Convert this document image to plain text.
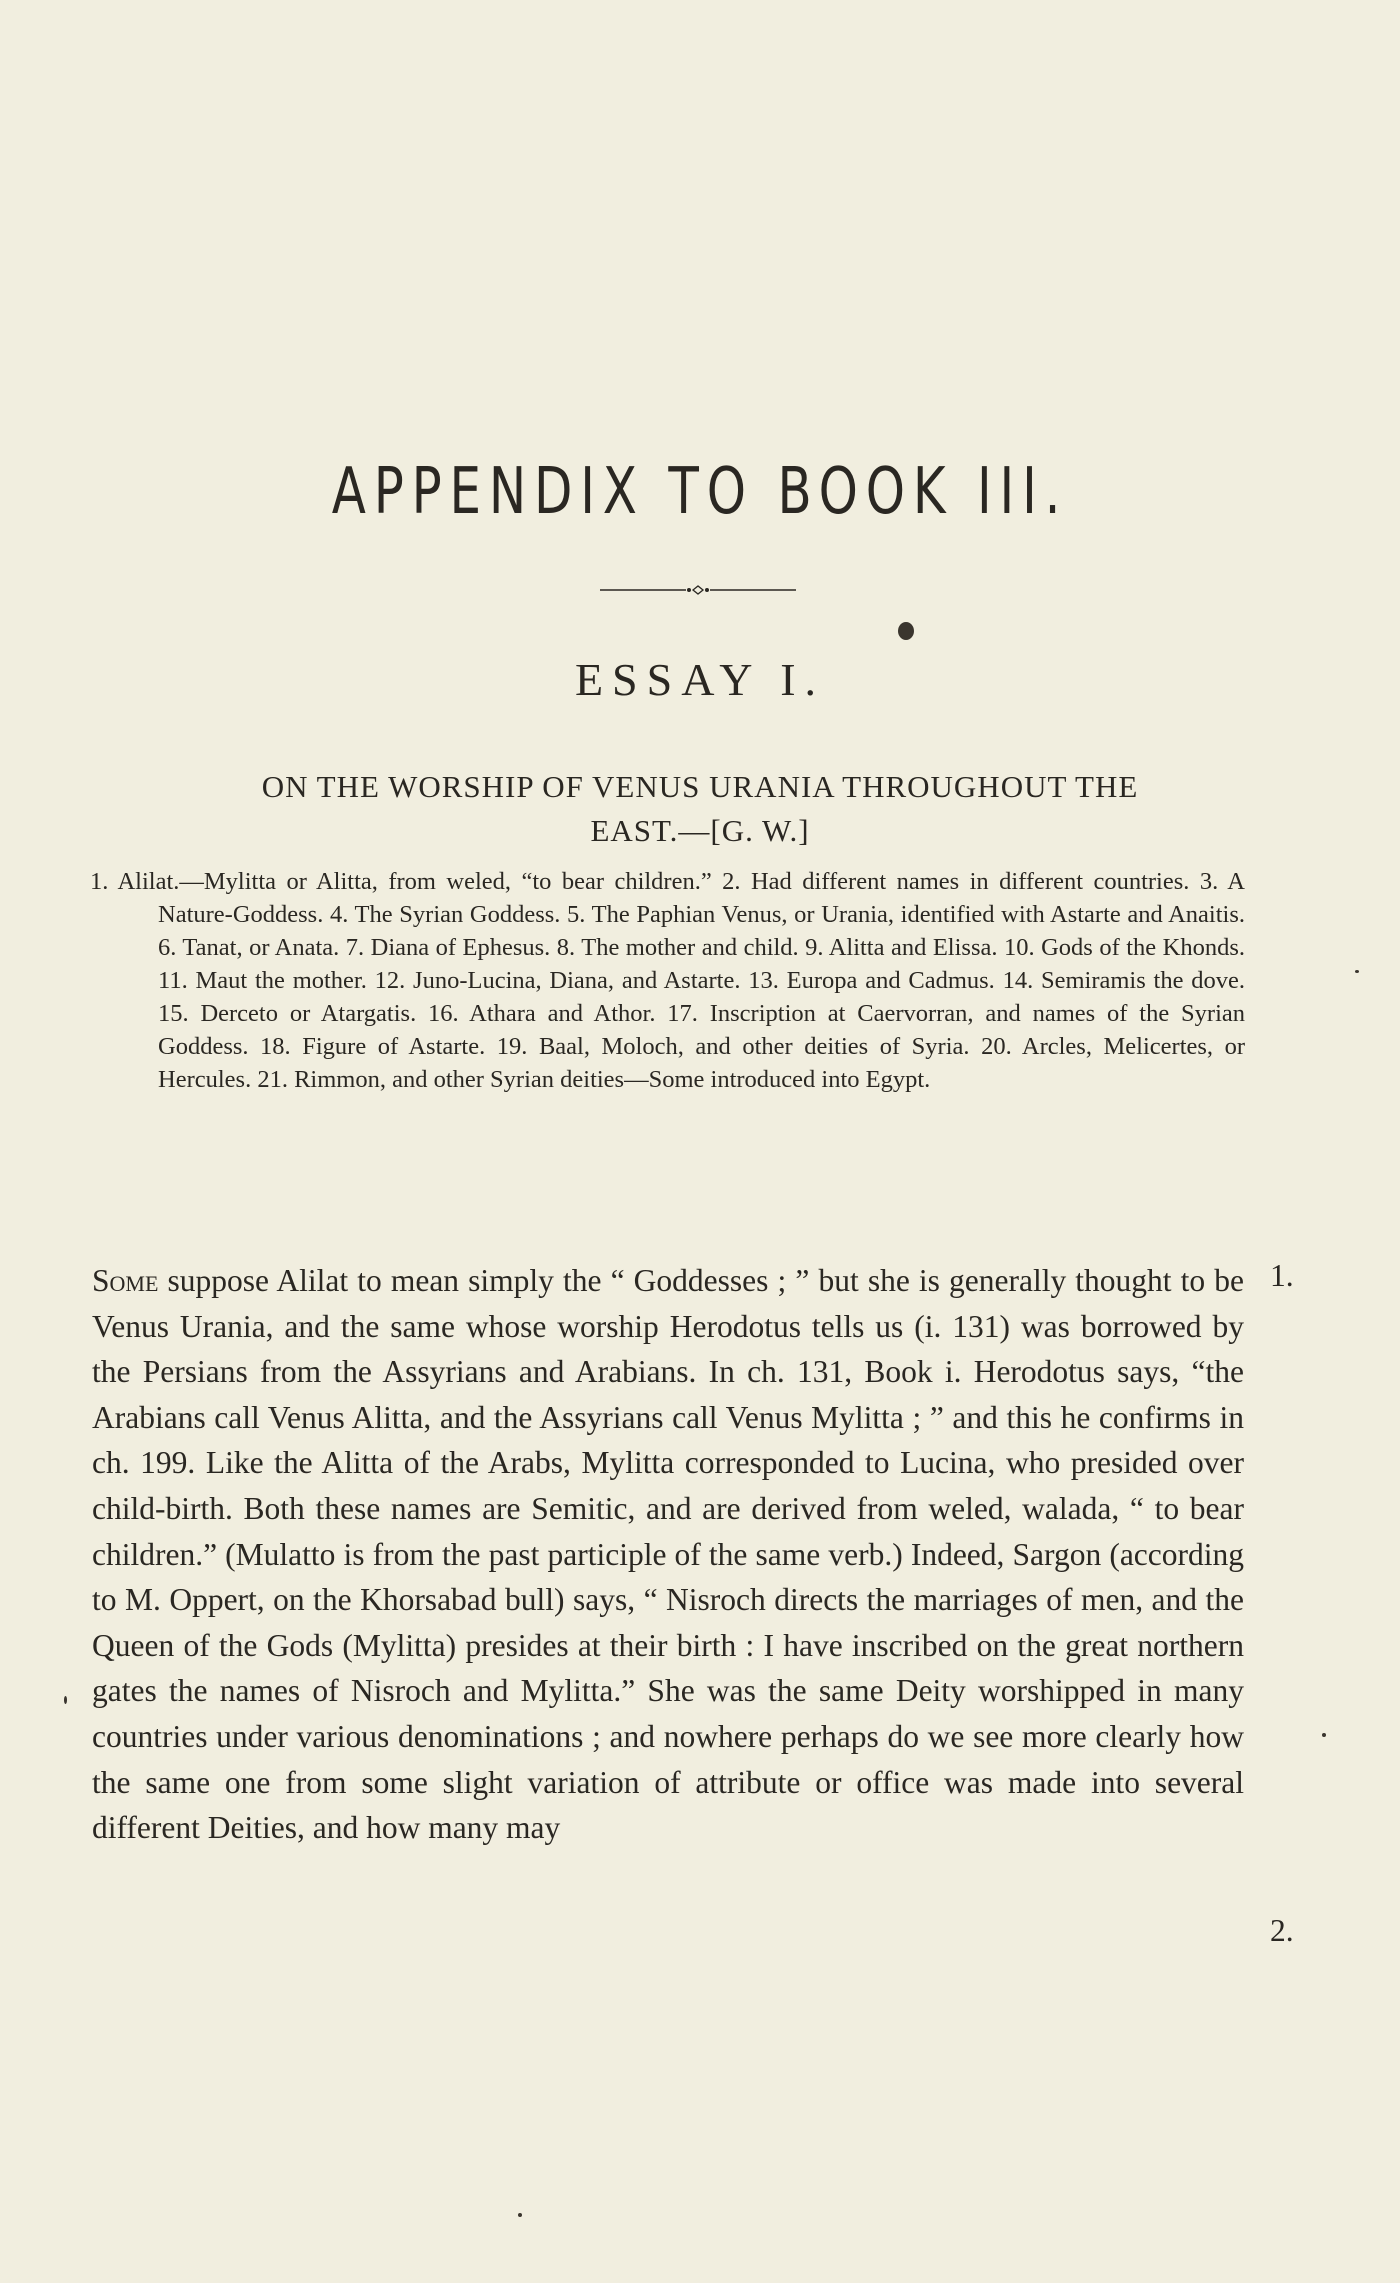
APPENDIX TO BOOK III.
ESSAY I.
ON THE WORSHIP OF VENUS URANIA THROUGHOUT THE
EAST.—[G. W.]

1. Alilat.—Mylitta or Alitta, from weled, “to bear children.” 2. Had different names in different countries. 3. A Nature-Goddess. 4. The Syrian Goddess. 5. The Paphian Venus, or Urania, identified with Astarte and Anaitis. 6. Tanat, or Anata. 7. Diana of Ephesus. 8. The mother and child. 9. Alitta and Elissa. 10. Gods of the Khonds. 11. Maut the mother. 12. Juno-Lucina, Diana, and Astarte. 13. Europa and Cadmus. 14. Semiramis the dove. 15. Derceto or Atargatis. 16. Athara and Athor. 17. Inscription at Caervorran, and names of the Syrian Goddess. 18. Figure of Astarte. 19. Baal, Moloch, and other deities of Syria. 20. Arcles, Melicertes, or Hercules. 21. Rimmon, and other Syrian deities—Some introduced into Egypt.

Some suppose Alilat to mean simply the “ Goddesses ; ” but she is generally thought to be Venus Urania, and the same whose worship Herodotus tells us (i. 131) was borrowed by the Persians from the Assyrians and Arabians. In ch. 131, Book i. Herodotus says, “the Arabians call Venus Alitta, and the Assyrians call Venus Mylitta ; ” and this he confirms in ch. 199. Like the Alitta of the Arabs, Mylitta corresponded to Lucina, who presided over child-birth. Both these names are Semitic, and are derived from weled, walada, “ to bear children.” (Mulatto is from the past participle of the same verb.) Indeed, Sargon (according to M. Oppert, on the Khorsabad bull) says, “ Nisroch directs the marriages of men, and the Queen of the Gods (Mylitta) presides at their birth : I have inscribed on the great northern gates the names of Nisroch and Mylitta.” She was the same Deity worshipped in many countries under various denominations ; and nowhere perhaps do we see more clearly how the same one from some slight variation of attribute or office was made into several different Deities, and how many may

1.
2.
